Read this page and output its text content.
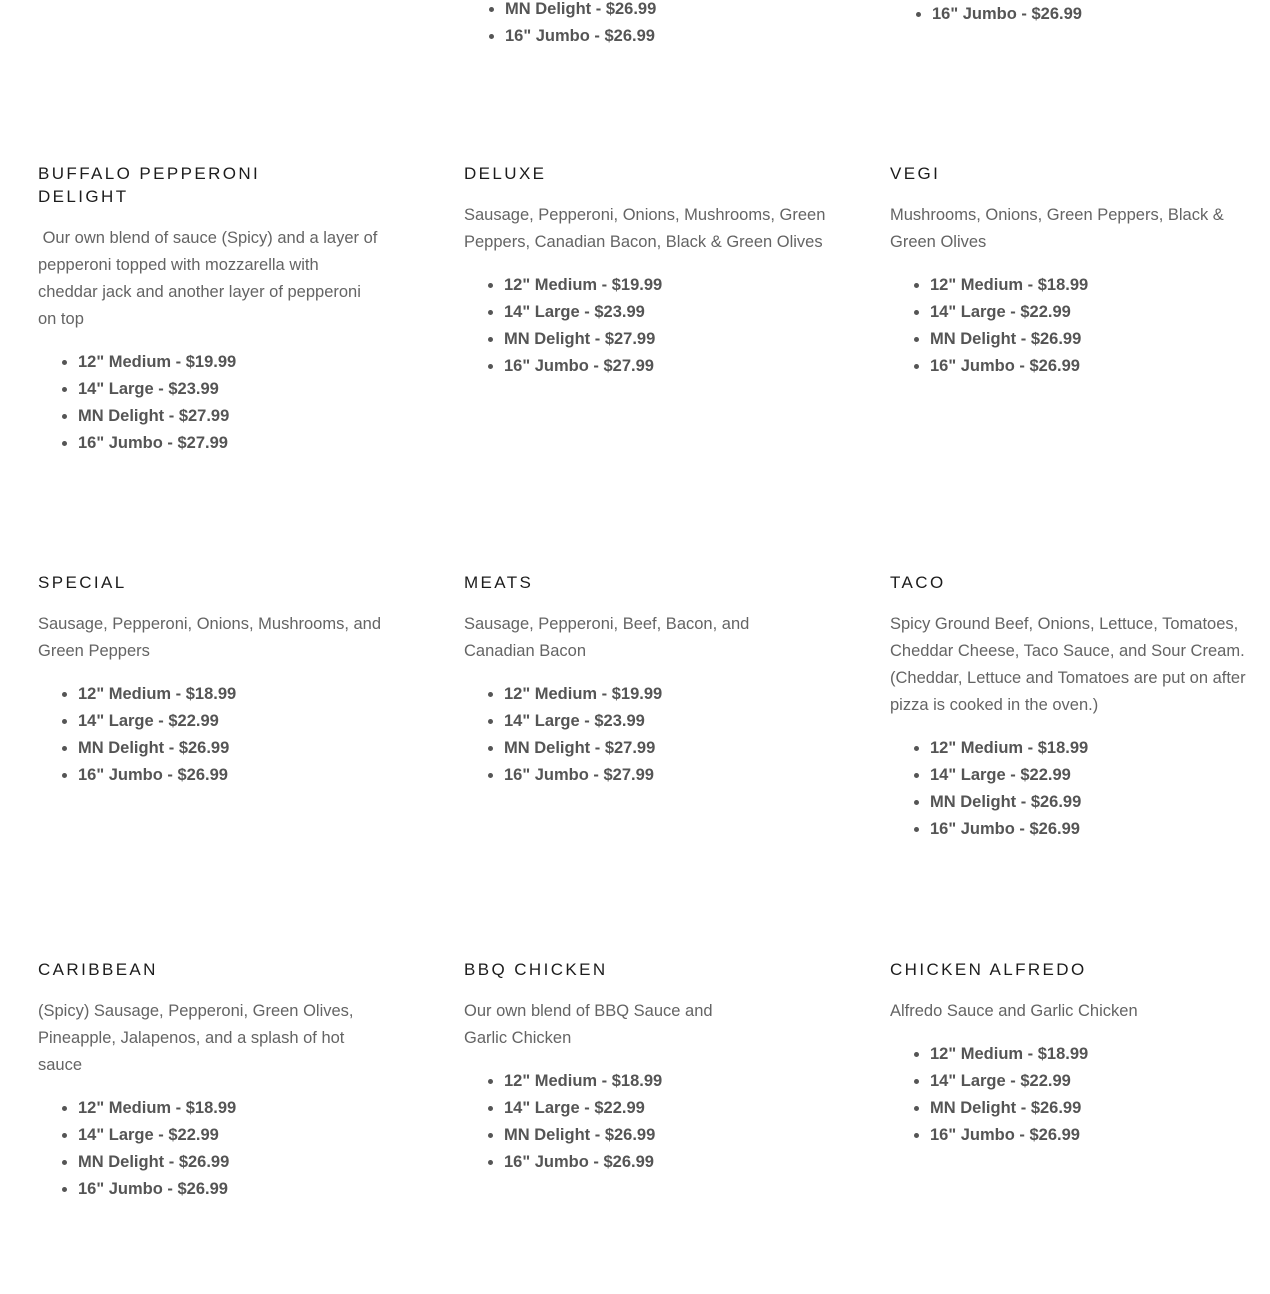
• MN Delight - $26.99
• 16" Jumbo - $26.99
• 16" Jumbo - $26.99
BUFFALO PEPPERONI DELIGHT

Our own blend of sauce (Spicy) and a layer of pepperoni topped with mozzarella with cheddar jack and another layer of pepperoni on top

• 12" Medium - $19.99
• 14" Large - $23.99
• MN Delight - $27.99
• 16" Jumbo - $27.99
DELUXE

Sausage, Pepperoni, Onions, Mushrooms, Green Peppers, Canadian Bacon, Black & Green Olives

• 12" Medium - $19.99
• 14" Large - $23.99
• MN Delight - $27.99
• 16" Jumbo - $27.99
VEGI

Mushrooms, Onions, Green Peppers, Black & Green Olives

• 12" Medium - $18.99
• 14" Large - $22.99
• MN Delight - $26.99
• 16" Jumbo - $26.99
SPECIAL

Sausage, Pepperoni, Onions, Mushrooms, and Green Peppers

• 12" Medium - $18.99
• 14" Large - $22.99
• MN Delight - $26.99
• 16" Jumbo - $26.99
MEATS

Sausage, Pepperoni, Beef, Bacon, and Canadian Bacon

• 12" Medium - $19.99
• 14" Large - $23.99
• MN Delight - $27.99
• 16" Jumbo - $27.99
TACO

Spicy Ground Beef, Onions, Lettuce, Tomatoes, Cheddar Cheese, Taco Sauce, and Sour Cream. (Cheddar, Lettuce and Tomatoes are put on after pizza is cooked in the oven.)

• 12" Medium - $18.99
• 14" Large - $22.99
• MN Delight - $26.99
• 16" Jumbo - $26.99
CARIBBEAN

(Spicy) Sausage, Pepperoni, Green Olives, Pineapple, Jalapenos, and a splash of hot sauce

• 12" Medium - $18.99
• 14" Large - $22.99
• MN Delight - $26.99
• 16" Jumbo - $26.99
BBQ CHICKEN

Our own blend of BBQ Sauce and Garlic Chicken

• 12" Medium - $18.99
• 14" Large - $22.99
• MN Delight - $26.99
• 16" Jumbo - $26.99
CHICKEN ALFREDO

Alfredo Sauce and Garlic Chicken

• 12" Medium - $18.99
• 14" Large - $22.99
• MN Delight - $26.99
• 16" Jumbo - $26.99
